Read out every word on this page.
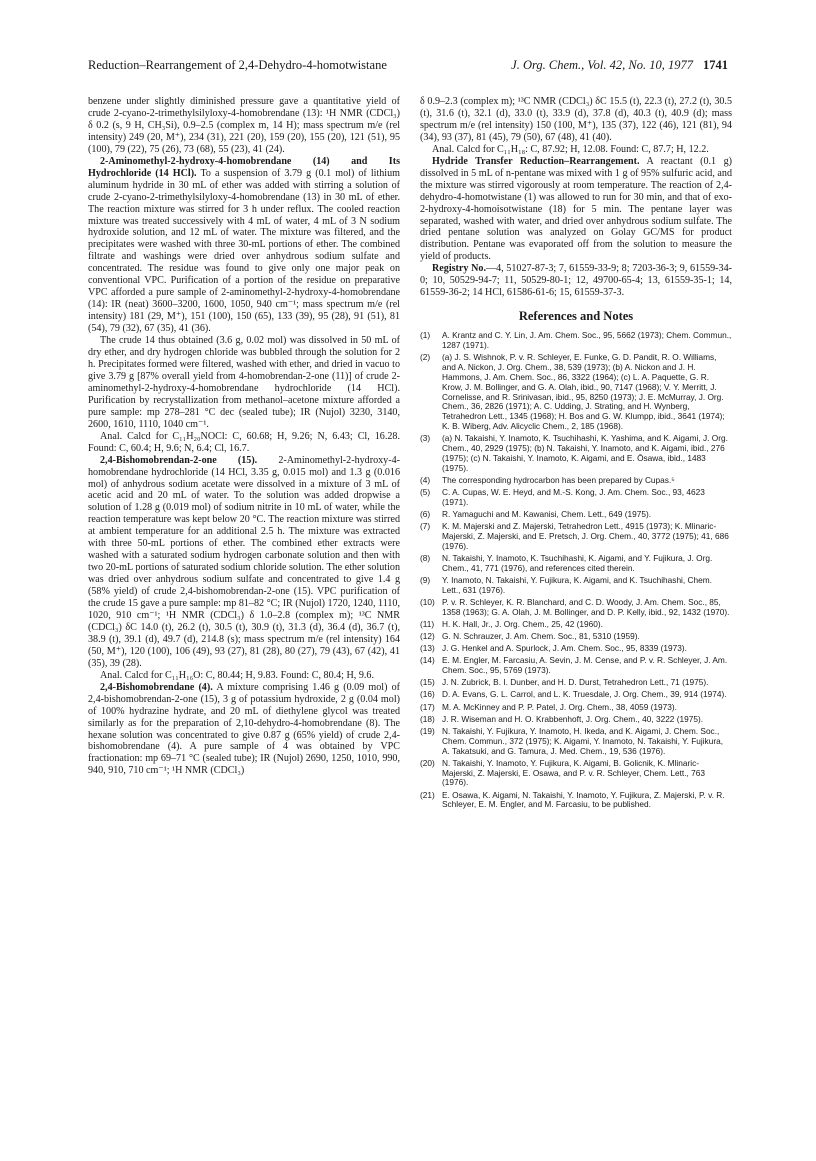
Reduction–Rearrangement of 2,4-Dehydro-4-homotwistane	J. Org. Chem., Vol. 42, No. 10, 1977 1741

benzene under slightly diminished pressure gave a quantitative yield of crude 2-cyano-2-trimethylsilyloxy-4-homobrendane (13): ¹H NMR (CDCl₃) δ 0.2 (s, 9 H, CH₃Si), 0.9–2.5 (complex m, 14 H); mass spectrum m/e (rel intensity) 249 (20, M⁺), 234 (31), 221 (20), 159 (20), 155 (20), 121 (51), 95 (100), 79 (22), 75 (26), 73 (68), 55 (23), 41 (24).

2-Aminomethyl-2-hydroxy-4-homobrendane (14) and Its Hydrochloride (14 HCl). To a suspension of 3.79 g (0.1 mol) of lithium aluminum hydride in 30 mL of ether was added with stirring a solution of crude 2-cyano-2-trimethylsilyloxy-4-homobrendane (13) in 30 mL of ether. The reaction mixture was stirred for 3 h under reflux. The cooled reaction mixture was treated successively with 4 mL of water, 4 mL of 3 N sodium hydroxide solution, and 12 mL of water. The mixture was filtered, and the precipitates were washed with three 30-mL portions of ether. The combined filtrate and washings were dried over anhydrous sodium sulfate and concentrated. The residue was found to give only one major peak on conventional VPC. Purification of a portion of the residue on preparative VPC afforded a pure sample of 2-aminomethyl-2-hydroxy-4-homobrendane (14): IR (neat) 3600–3200, 1600, 1050, 940 cm⁻¹; mass spectrum m/e (rel intensity) 181 (29, M⁺), 151 (100), 150 (65), 133 (39), 95 (28), 91 (51), 81 (54), 79 (32), 67 (35), 41 (36).

The crude 14 thus obtained (3.6 g, 0.02 mol) was dissolved in 50 mL of dry ether, and dry hydrogen chloride was bubbled through the solution for 2 h. Precipitates formed were filtered, washed with ether, and dried in vacuo to give 3.79 g [87% overall yield from 4-homobrendan-2-one (11)] of crude 2-aminomethyl-2-hydroxy-4-homobrendane hydrochloride (14 HCl). Purification by recrystallization from methanol–acetone mixture afforded a pure sample: mp 278–281 °C dec (sealed tube); IR (Nujol) 3230, 3140, 2600, 1610, 1110, 1040 cm⁻¹.

Anal. Calcd for C₁₁H₂₀NOCl: C, 60.68; H, 9.26; N, 6.43; Cl, 16.28. Found: C, 60.4; H, 9.6; N, 6.4; Cl, 16.7.

2,4-Bishomobrendan-2-one (15). 2-Aminomethyl-2-hydroxy-4-homobrendane hydrochloride (14 HCl, 3.35 g, 0.015 mol) and 1.3 g (0.016 mol) of anhydrous sodium acetate were dissolved in a mixture of 3 mL of acetic acid and 20 mL of water. To the solution was added dropwise a solution of 1.28 g (0.019 mol) of sodium nitrite in 10 mL of water, while the reaction temperature was kept below 20 °C. The reaction mixture was stirred at ambient temperature for an additional 2.5 h. The mixture was extracted with three 50-mL portions of ether. The combined ether extracts were washed with a saturated sodium hydrogen carbonate solution and then with two 20-mL portions of saturated sodium chloride solution. The ether solution was dried over anhydrous sodium sulfate and concentrated to give 1.4 g (58% yield) of crude 2,4-bishomobrendan-2-one (15). VPC purification of the crude 15 gave a pure sample: mp 81–82 °C; IR (Nujol) 1720, 1240, 1110, 1020, 910 cm⁻¹; ¹H NMR (CDCl₃) δ 1.0–2.8 (complex m); ¹³C NMR (CDCl₃) δC 14.0 (t), 26.2 (t), 30.5 (t), 30.9 (t), 31.3 (d), 36.4 (d), 36.7 (t), 38.9 (t), 39.1 (d), 49.7 (d), 214.8 (s); mass spectrum m/e (rel intensity) 164 (50, M⁺), 120 (100), 106 (49), 93 (27), 81 (28), 80 (27), 79 (43), 67 (42), 41 (35), 39 (28).

Anal. Calcd for C₁₁H₁₆O: C, 80.44; H, 9.83. Found: C, 80.4; H, 9.6.

2,4-Bishomobrendane (4). A mixture comprising 1.46 g (0.09 mol) of 2,4-bishomobrendan-2-one (15), 3 g of potassium hydroxide, 2 g (0.04 mol) of 100% hydrazine hydrate, and 20 mL of diethylene glycol was treated similarly as for the preparation of 2,10-dehydro-4-homobrendane (8). The hexane solution was concentrated to give 0.87 g (65% yield) of crude 2,4-bishomobrendane (4). A pure sample of 4 was obtained by VPC fractionation: mp 69–71 °C (sealed tube); IR (Nujol) 2690, 1250, 1010, 990, 940, 910, 710 cm⁻¹; ¹H NMR (CDCl₃)

δ 0.9–2.3 (complex m); ¹³C NMR (CDCl₃) δC 15.5 (t), 22.3 (t), 27.2 (t), 30.5 (t), 31.6 (t), 32.1 (d), 33.0 (t), 33.9 (d), 37.8 (d), 40.3 (t), 40.9 (d); mass spectrum m/e (rel intensity) 150 (100, M⁺), 135 (37), 122 (46), 121 (81), 94 (34), 93 (37), 81 (45), 79 (50), 67 (48), 41 (40).

Anal. Calcd for C₁₁H₁₈: C, 87.92; H, 12.08. Found: C, 87.7; H, 12.2.

Hydride Transfer Reduction–Rearrangement. A reactant (0.1 g) dissolved in 5 mL of n-pentane was mixed with 1 g of 95% sulfuric acid, and the mixture was stirred vigorously at room temperature. The reaction of 2,4-dehydro-4-homotwistane (1) was allowed to run for 30 min, and that of exo-2-hydroxy-4-homoisotwistane (18) for 5 min. The pentane layer was separated, washed with water, and dried over anhydrous sodium sulfate. The dried pentane solution was analyzed on Golay GC/MS for product distribution. Pentane was evaporated off from the solution to measure the yield of products.

Registry No.—4, 51027-87-3; 7, 61559-33-9; 8; 7203-36-3; 9, 61559-34-0; 10, 50529-94-7; 11, 50529-80-1; 12, 49700-65-4; 13, 61559-35-1; 14, 61559-36-2; 14 HCl, 61586-61-6; 15, 61559-37-3.

References and Notes
(1)	A. Krantz and C. Y. Lin, J. Am. Chem. Soc., 95, 5662 (1973); Chem. Commun., 1287 (1971).
(2)	(a) J. S. Wishnok, P. v. R. Schleyer, E. Funke, G. D. Pandit, R. O. Williams, and A. Nickon, J. Org. Chem., 38, 539 (1973); (b) A. Nickon and J. H. Hammons, J. Am. Chem. Soc., 86, 3322 (1964); (c) L. A. Paquette, G. R. Krow, J. M. Bollinger, and G. A. Olah, ibid., 90, 7147 (1968); V. Y. Merritt, J. Cornelisse, and R. Srinivasan, ibid., 95, 8250 (1973); J. E. McMurray, J. Org. Chem., 36, 2826 (1971); A. C. Udding, J. Strating, and H. Wynberg, Tetrahedron Lett., 1345 (1968); H. Bos and G. W. Klumpp, ibid., 3641 (1974); K. B. Wiberg, Adv. Alicyclic Chem., 2, 185 (1968).
(3)	(a) N. Takaishi, Y. Inamoto, K. Tsuchihashi, K. Yashima, and K. Aigami, J. Org. Chem., 40, 2929 (1975); (b) N. Takaishi, Y. Inamoto, and K. Aigami, ibid., 276 (1975); (c) N. Takaishi, Y. Inamoto, K. Aigami, and E. Ōsawa, ibid., 1483 (1975).
(4)	The corresponding hydrocarbon has been prepared by Cupas.⁵
(5)	C. A. Cupas, W. E. Heyd, and M.-S. Kong, J. Am. Chem. Soc., 93, 4623 (1971).
(6)	R. Yamaguchi and M. Kawanisi, Chem. Lett., 649 (1975).
(7)	K. M. Majerski and Z. Majerski, Tetrahedron Lett., 4915 (1973); K. Mlinaric-Majerski, Z. Majerski, and E. Pretsch, J. Org. Chem., 40, 3772 (1975); 41, 686 (1976).
(8)	N. Takaishi, Y. Inamoto, K. Tsuchihashi, K. Aigami, and Y. Fujikura, J. Org. Chem., 41, 771 (1976), and references cited therein.
(9)	Y. Inamoto, N. Takaishi, Y. Fujikura, K. Aigami, and K. Tsuchihashi, Chem. Lett., 631 (1976).
(10) P. v. R. Schleyer, K. R. Blanchard, and C. D. Woody, J. Am. Chem. Soc., 85, 1358 (1963); G. A. Olah, J. M. Bollinger, and D. P. Kelly, ibid., 92, 1432 (1970).
(11) H. K. Hall, Jr., J. Org. Chem., 25, 42 (1960).
(12) G. N. Schrauzer, J. Am. Chem. Soc., 81, 5310 (1959).
(13) J. G. Henkel and A. Spurlock, J. Am. Chem. Soc., 95, 8339 (1973).
(14) E. M. Engler, M. Farcasiu, A. Sevin, J. M. Cense, and P. v. R. Schleyer, J. Am. Chem. Soc., 95, 5769 (1973).
(15) J. N. Zubrick, B. I. Dunber, and H. D. Durst, Tetrahedron Lett., 71 (1975).
(16) D. A. Evans, G. L. Carrol, and L. K. Truesdale, J. Org. Chem., 39, 914 (1974).
(17) M. A. McKinney and P. P. Patel, J. Org. Chem., 38, 4059 (1973).
(18) J. R. Wiseman and H. O. Krabbenhoft, J. Org. Chem., 40, 3222 (1975).
(19) N. Takaishi, Y. Fujikura, Y. Inamoto, H. Ikeda, and K. Aigami, J. Chem. Soc., Chem. Commun., 372 (1975); K. Aigami, Y. Inamoto, N. Takaishi, Y. Fujikura, A. Takatsuki, and G. Tamura, J. Med. Chem., 19, 536 (1976).
(20) N. Takaishi, Y. Inamoto, Y. Fujikura, K. Aigami, B. Golicnik, K. Mlinaric-Majerski, Z. Majerski, E. Osawa, and P. v. R. Schleyer, Chem. Lett., 763 (1976).
(21) E. Osawa, K. Aigami, N. Takaishi, Y. Inamoto, Y. Fujikura, Z. Majerski, P. v. R. Schleyer, E. M. Engler, and M. Farcasiu, to be published.
